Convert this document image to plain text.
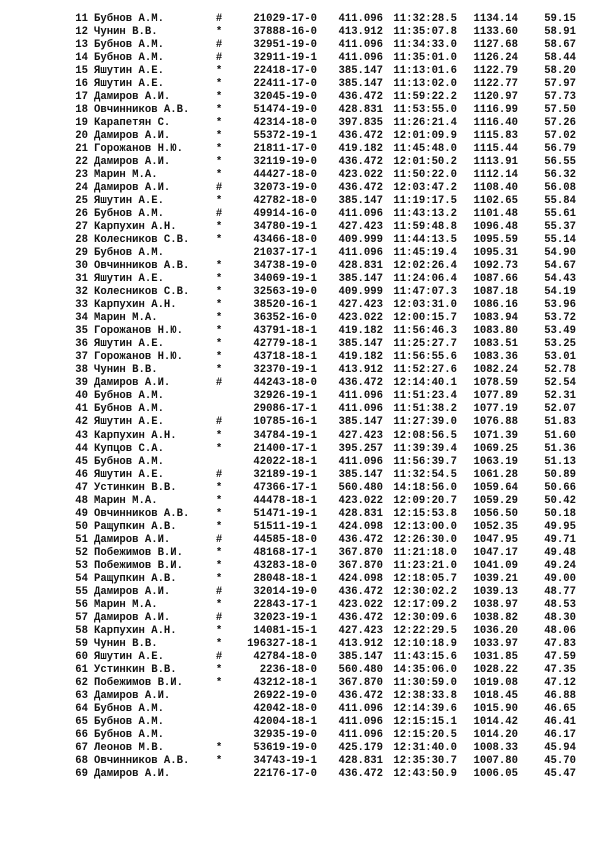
11 Бубнов А.М.	#	21029-17-0	411.096 11:32:28.5	1134.14	59.15
12 Чунин В.В.	*	37888-16-0	413.912 11:35:07.8	1133.60	58.91
13 Бубнов А.М.	#	32951-19-0	411.096 11:34:33.0	1127.68	58.67
14 Бубнов А.М.	#	32911-19-1	411.096 11:35:01.0	1126.24	58.44
15 Яшутин А.Е.	*	22418-17-0	385.147 11:13:01.6	1122.79	58.20
16 Яшутин А.Е.	*	22411-17-0	385.147 11:13:02.0	1122.77	57.97
17 Дамиров А.И.	*	32045-19-0	436.472 11:59:22.2	1120.97	57.73
18 Овчинников А.В. *	51474-19-0	428.831 11:53:55.0	1116.99	57.50
19 Карапетян С.	*	42314-18-0	397.835 11:26:21.4	1116.40	57.26
20 Дамиров А.И.	*	55372-19-1	436.472 12:01:09.9	1115.83	57.02
21 Горожанов Н.Ю.	*	21811-17-0	419.182 11:45:48.0	1115.44	56.79
22 Дамиров А.И.	*	32119-19-0	436.472 12:01:50.2	1113.91	56.55
23 Марин М.А.	*	44427-18-0	423.022 11:50:22.0	1112.14	56.32
24 Дамиров А.И.	#	32073-19-0	436.472 12:03:47.2	1108.40	56.08
25 Яшутин А.Е.	*	42782-18-0	385.147 11:19:17.5	1102.65	55.84
26 Бубнов А.М.	#	49914-16-0	411.096 11:43:13.2	1101.48	55.61
27 Карпухин А.Н.	*	34780-19-1	427.423 11:59:48.8	1096.48	55.37
28 Колесников С.В. *	43466-18-0	409.999 11:44:13.5	1095.59	55.14
29 Бубнов А.М.	21037-17-1	411.096 11:45:19.4	1095.31	54.90
30 Овчинников А.В. *	34738-19-0	428.831 12:02:26.4	1092.73	54.67
31 Яшутин А.Е.	*	34069-19-1	385.147 11:24:06.4	1087.66	54.43
32 Колесников С.В. *	32563-19-0	409.999 11:47:07.3	1087.18	54.19
33 Карпухин А.Н.	*	38520-16-1	427.423 12:03:31.0	1086.16	53.96
34 Марин М.А.	*	36352-16-0	423.022 12:00:15.7	1083.94	53.72
35 Горожанов Н.Ю.	*	43791-18-1	419.182 11:56:46.3	1083.80	53.49
36 Яшутин А.Е.	*	42779-18-1	385.147 11:25:27.7	1083.51	53.25
37 Горожанов Н.Ю.	*	43718-18-1	419.182 11:56:55.6	1083.36	53.01
38 Чунин В.В.	*	32370-19-1	413.912 11:52:27.6	1082.24	52.78
39 Дамиров А.И.	#	44243-18-0	436.472 12:14:40.1	1078.59	52.54
40 Бубнов А.М.	32926-19-1	411.096 11:51:23.4	1077.89	52.31
41 Бубнов А.М.	29086-17-1	411.096 11:51:38.2	1077.19	52.07
42 Яшутин А.Е.	#	10785-16-1	385.147 11:27:39.0	1076.88	51.83
43 Карпухин А.Н.	*	34784-19-1	427.423 12:08:56.5	1071.39	51.60
44 Купцов С.А.	*	21400-17-1	395.257 11:39:39.4	1069.25	51.36
45 Бубнов А.М.	42022-18-1	411.096 11:56:39.7	1063.19	51.13
46 Яшутин А.Е.	#	32189-19-1	385.147 11:32:54.5	1061.28	50.89
47 Устинкин В.В.	*	47366-17-1	560.480 14:18:56.0	1059.64	50.66
48 Марин М.А.	*	44478-18-1	423.022 12:09:20.7	1059.29	50.42
49 Овчинников А.В. *	51471-19-1	428.831 12:15:53.8	1056.50	50.18
50 Ращупкин А.В.	*	51511-19-1	424.098 12:13:00.0	1052.35	49.95
51 Дамиров А.И.	#	44585-18-0	436.472 12:26:30.0	1047.95	49.71
52 Побежимов В.И.	*	48168-17-1	367.870 11:21:18.0	1047.17	49.48
53 Побежимов В.И.	*	43283-18-0	367.870 11:23:21.0	1041.09	49.24
54 Ращупкин А.В.	*	28048-18-1	424.098 12:18:05.7	1039.21	49.00
55 Дамиров А.И.	#	32014-19-0	436.472 12:30:02.2	1039.13	48.77
56 Марин М.А.	*	22843-17-1	423.022 12:17:09.2	1038.97	48.53
57 Дамиров А.И.	#	32023-19-1	436.472 12:30:09.6	1038.82	48.30
58 Карпухин А.Н.	*	14081-15-1	427.423 12:22:29.5	1036.20	48.06
59 Чунин В.В.	*	196327-18-1	413.912 12:10:18.9	1033.97	47.83
60 Яшутин А.Е.	#	42784-18-0	385.147 11:43:15.6	1031.85	47.59
61 Устинкин В.В.	*	2236-18-0	560.480 14:35:06.0	1028.22	47.35
62 Побежимов В.И.	*	43212-18-1	367.870 11:30:59.0	1019.08	47.12
63 Дамиров А.И.	26922-19-0	436.472 12:38:33.8	1018.45	46.88
64 Бубнов А.М.	42042-18-0	411.096 12:14:39.6	1015.90	46.65
65 Бубнов А.М.	42004-18-1	411.096 12:15:15.1	1014.42	46.41
66 Бубнов А.М.	32935-19-0	411.096 12:15:20.5	1014.20	46.17
67 Леонов М.В.	*	53619-19-0	425.179 12:31:40.0	1008.33	45.94
68 Овчинников А.В. *	34743-19-1	428.831 12:35:30.7	1007.80	45.70
69 Дамиров А.И.	22176-17-0	436.472 12:43:50.9	1006.05	45.47
